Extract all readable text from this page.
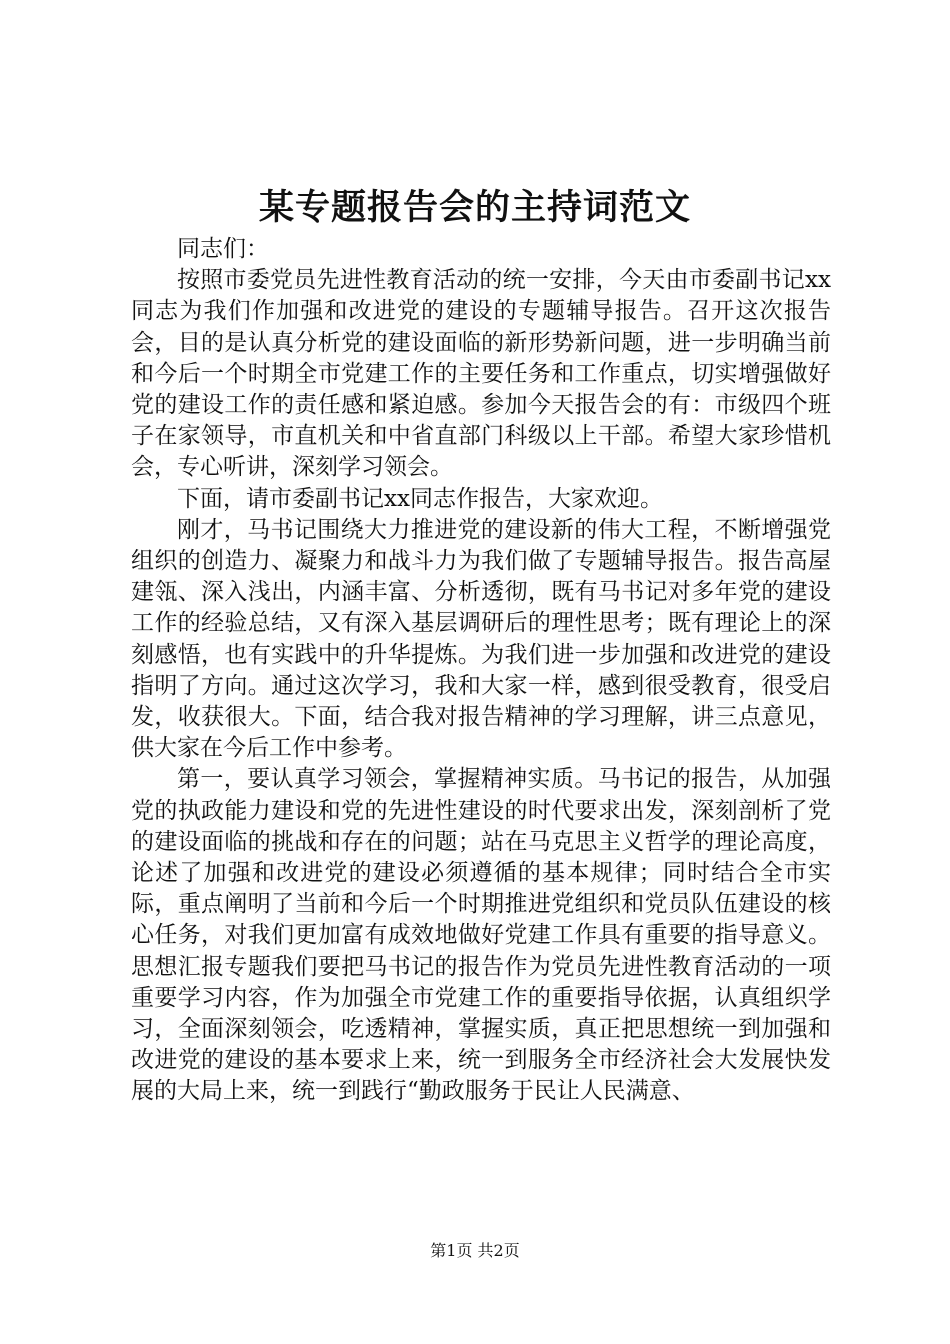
某专题报告会的主持词范文

同志们：

按照市委党员先进性教育活动的统一安排，今天由市委副书记xx同志为我们作加强和改进党的建设的专题辅导报告。召开这次报告会，目的是认真分析党的建设面临的新形势新问题，进一步明确当前和今后一个时期全市党建工作的主要任务和工作重点，切实增强做好党的建设工作的责任感和紧迫感。参加今天报告会的有：市级四个班子在家领导，市直机关和中省直部门科级以上干部。希望大家珍惜机会，专心听讲，深刻学习领会。

下面，请市委副书记xx同志作报告，大家欢迎。

刚才，马书记围绕大力推进党的建设新的伟大工程，不断增强党组织的创造力、凝聚力和战斗力为我们做了专题辅导报告。报告高屋建瓴、深入浅出，内涵丰富、分析透彻，既有马书记对多年党的建设工作的经验总结，又有深入基层调研后的理性思考；既有理论上的深刻感悟，也有实践中的升华提炼。为我们进一步加强和改进党的建设指明了方向。通过这次学习，我和大家一样，感到很受教育，很受启发，收获很大。下面，结合我对报告精神的学习理解，讲三点意见，供大家在今后工作中参考。

第一，要认真学习领会，掌握精神实质。马书记的报告，从加强党的执政能力建设和党的先进性建设的时代要求出发，深刻剖析了党的建设面临的挑战和存在的问题；站在马克思主义哲学的理论高度，论述了加强和改进党的建设必须遵循的基本规律；同时结合全市实际，重点阐明了当前和今后一个时期推进党组织和党员队伍建设的核心任务，对我们更加富有成效地做好党建工作具有重要的指导意义。思想汇报专题我们要把马书记的报告作为党员先进性教育活动的一项重要学习内容，作为加强全市党建工作的重要指导依据，认真组织学习，全面深刻领会，吃透精神，掌握实质，真正把思想统一到加强和改进党的建设的基本要求上来，统一到服务全市经济社会大发展快发展的大局上来，统一到践行“勤政服务于民让人民满意、

第1页 共2页
